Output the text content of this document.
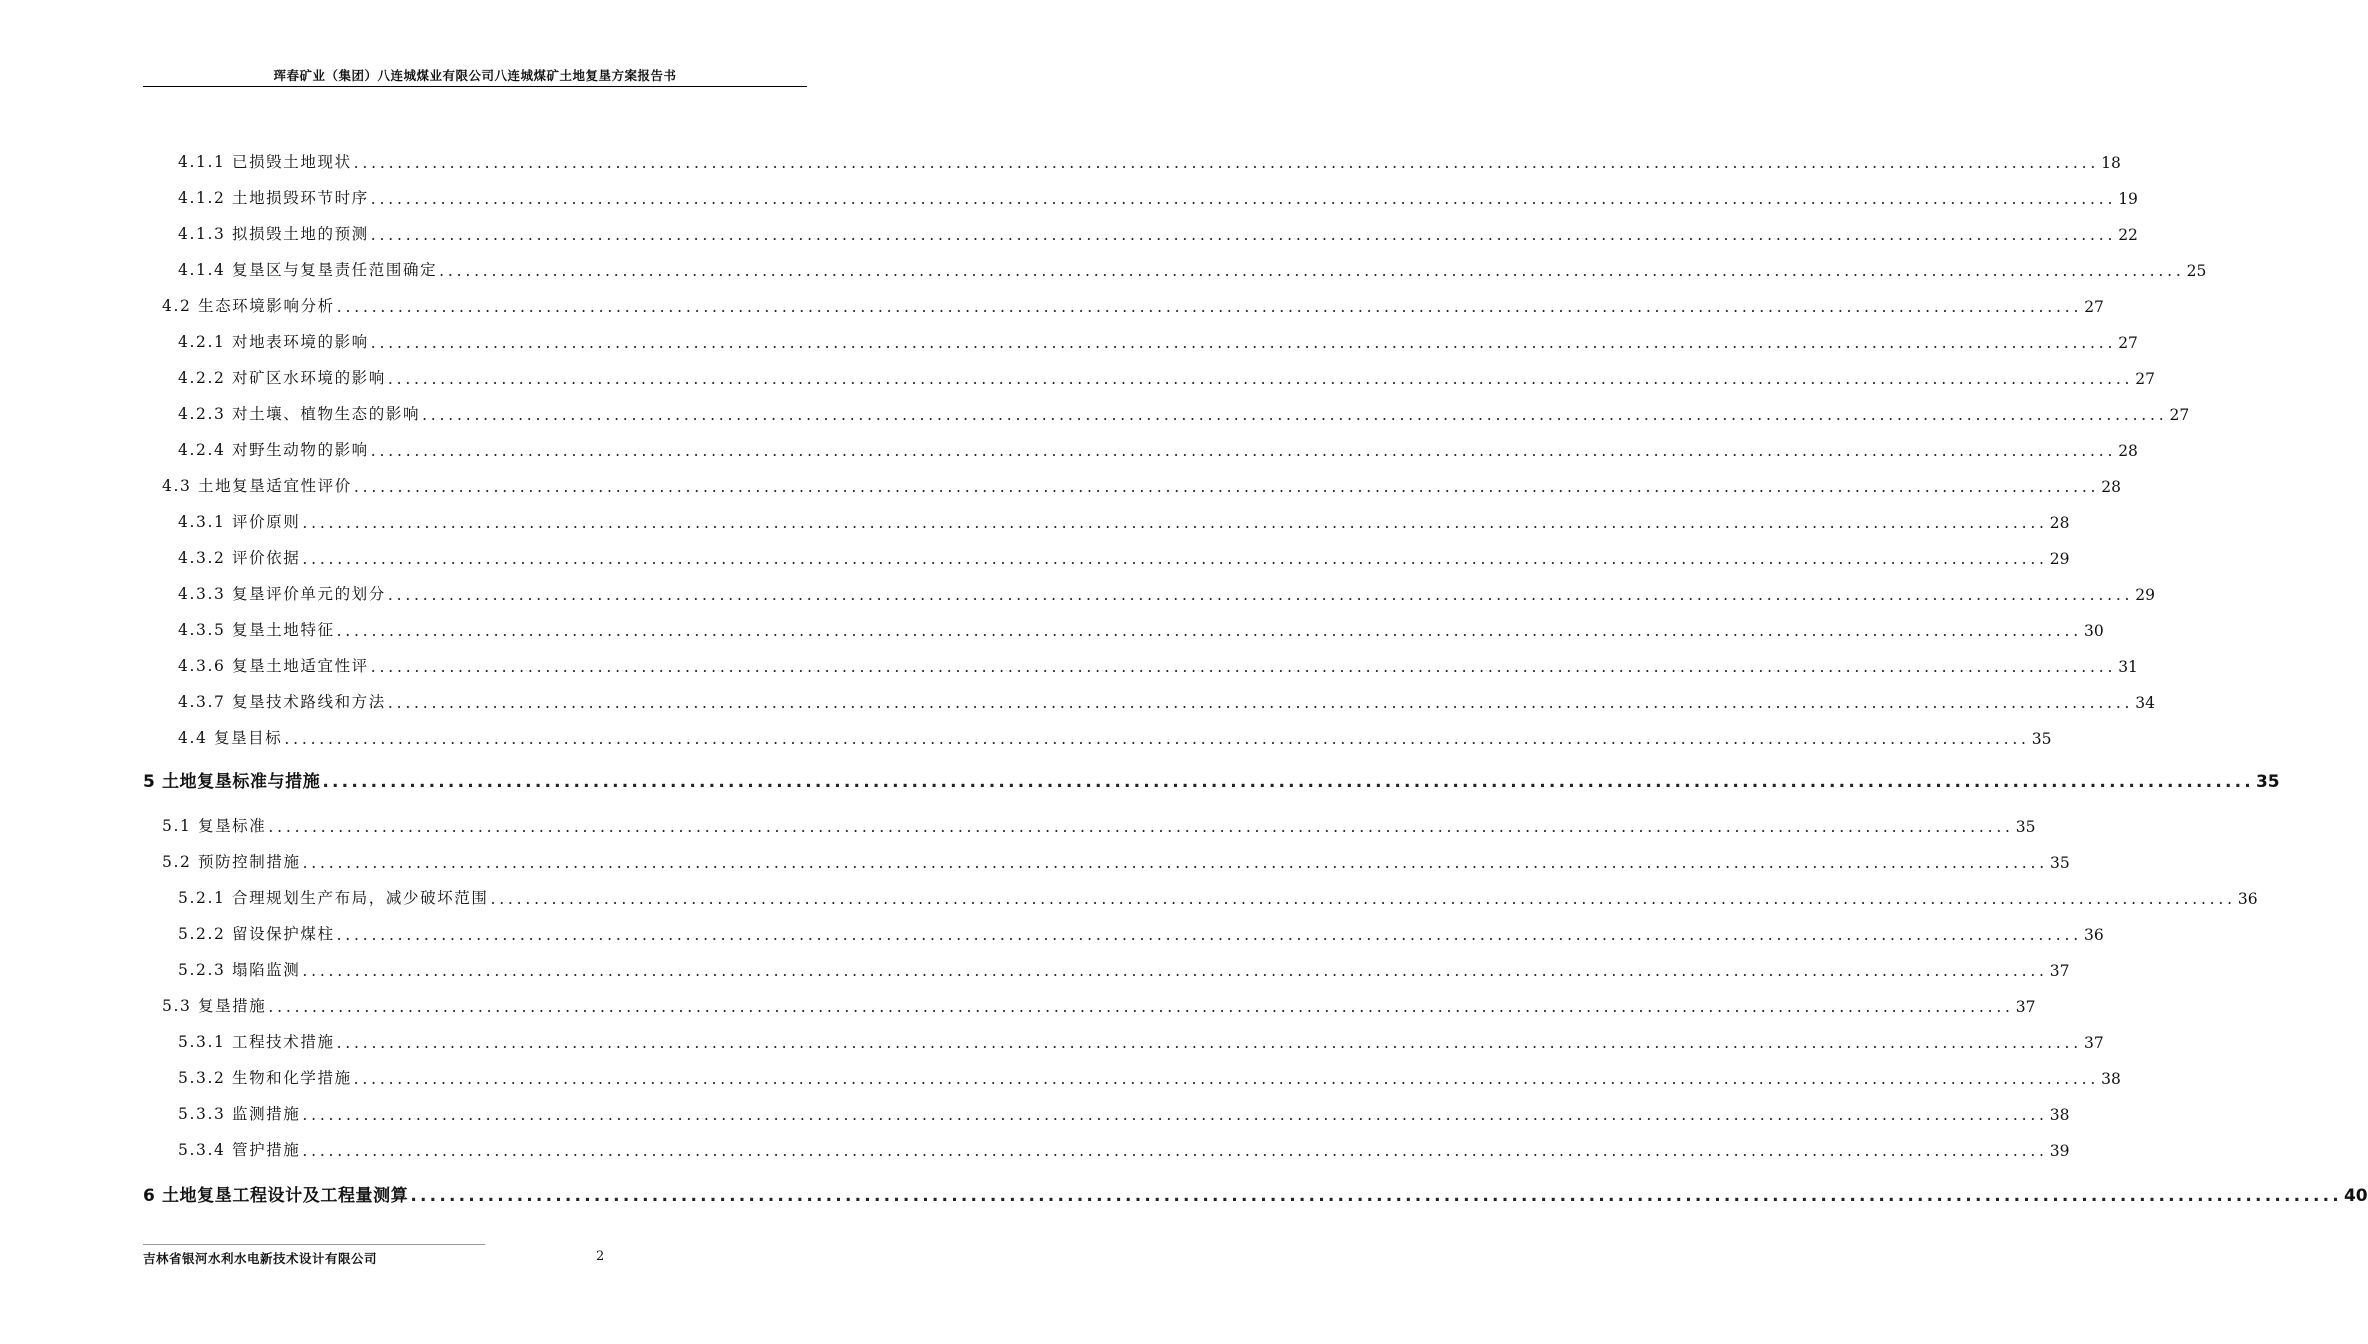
珲春矿业（集团）八连城煤业有限公司八连城煤矿土地复垦方案报告书
4.1.1 已损毁土地现状 ........................................................................................................................................................................................................ 18
4.1.2 土地损毁环节时序 ........................................................................................................................................................................................................ 19
4.1.3 拟损毁土地的预测 ........................................................................................................................................................................................................ 22
4.1.4 复垦区与复垦责任范围确定 ........................................................................................................................................................................................................ 25
4.2 生态环境影响分析 ........................................................................................................................................................................................................ 27
4.2.1 对地表环境的影响 ........................................................................................................................................................................................................ 27
4.2.2 对矿区水环境的影响 ........................................................................................................................................................................................................ 27
4.2.3 对土壤、植物生态的影响 ........................................................................................................................................................................................................ 27
4.2.4 对野生动物的影响 ........................................................................................................................................................................................................ 28
4.3 土地复垦适宜性评价 ........................................................................................................................................................................................................ 28
4.3.1 评价原则 ........................................................................................................................................................................................................ 28
4.3.2 评价依据 ........................................................................................................................................................................................................ 29
4.3.3 复垦评价单元的划分 ........................................................................................................................................................................................................ 29
4.3.5 复垦土地特征 ........................................................................................................................................................................................................ 30
4.3.6 复垦土地适宜性评 ........................................................................................................................................................................................................ 31
4.3.7 复垦技术路线和方法 ........................................................................................................................................................................................................ 34
4.4 复垦目标 ........................................................................................................................................................................................................ 35
5 土地复垦标准与措施 ........................................................................................................................................................................................................ 35
5.1 复垦标准 ........................................................................................................................................................................................................ 35
5.2 预防控制措施 ........................................................................................................................................................................................................ 35
5.2.1 合理规划生产布局，减少破坏范围 ........................................................................................................................................................................................................ 36
5.2.2 留设保护煤柱 ........................................................................................................................................................................................................ 36
5.2.3 塌陷监测 ........................................................................................................................................................................................................ 37
5.3 复垦措施 ........................................................................................................................................................................................................ 37
5.3.1 工程技术措施 ........................................................................................................................................................................................................ 37
5.3.2 生物和化学措施 ........................................................................................................................................................................................................ 38
5.3.3 监测措施 ........................................................................................................................................................................................................ 38
5.3.4 管护措施 ........................................................................................................................................................................................................ 39
6 土地复垦工程设计及工程量测算 ........................................................................................................................................................................................................ 40
吉林省银河水利水电新技术设计有限公司	2
